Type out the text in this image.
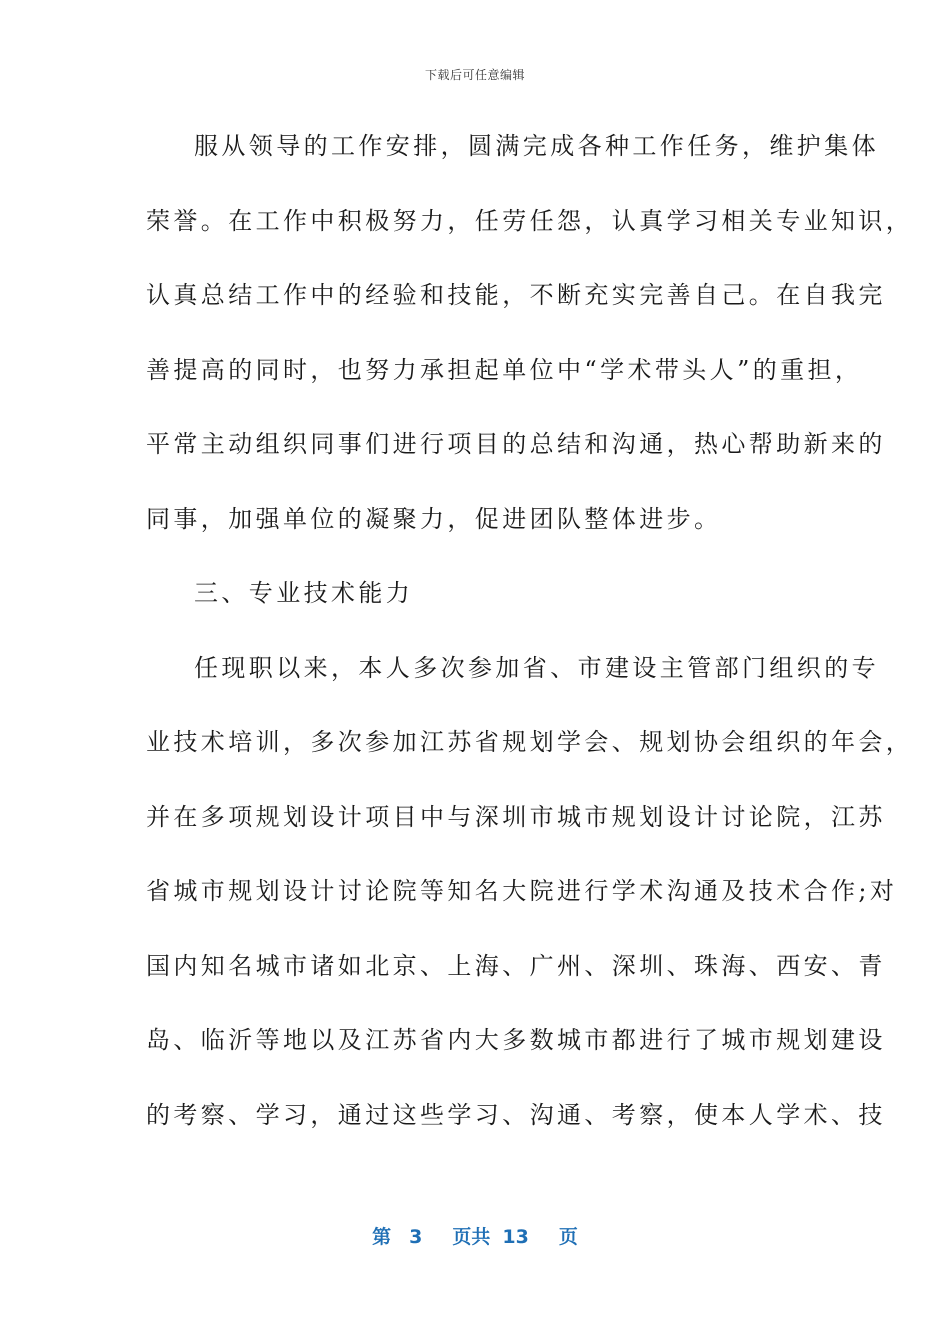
下载后可任意编辑
服从领导的工作安排，圆满完成各种工作任务，维护集体
荣誉。在工作中积极努力，任劳任怨，认真学习相关专业知识，
认真总结工作中的经验和技能，不断充实完善自己。在自我完
善提高的同时，也努力承担起单位中“学术带头人”的重担，
平常主动组织同事们进行项目的总结和沟通，热心帮助新来的
同事，加强单位的凝聚力，促进团队整体进步。
三、专业技术能力
任现职以来，本人多次参加省、市建设主管部门组织的专
业技术培训，多次参加江苏省规划学会、规划协会组织的年会，
并在多项规划设计项目中与深圳市城市规划设计讨论院，江苏
省城市规划设计讨论院等知名大院进行学术沟通及技术合作;对
国内知名城市诸如北京、上海、广州、深圳、珠海、西安、青
岛、临沂等地以及江苏省内大多数城市都进行了城市规划建设
的考察、学习，通过这些学习、沟通、考察，使本人学术、技
第 3 页共 13 页
